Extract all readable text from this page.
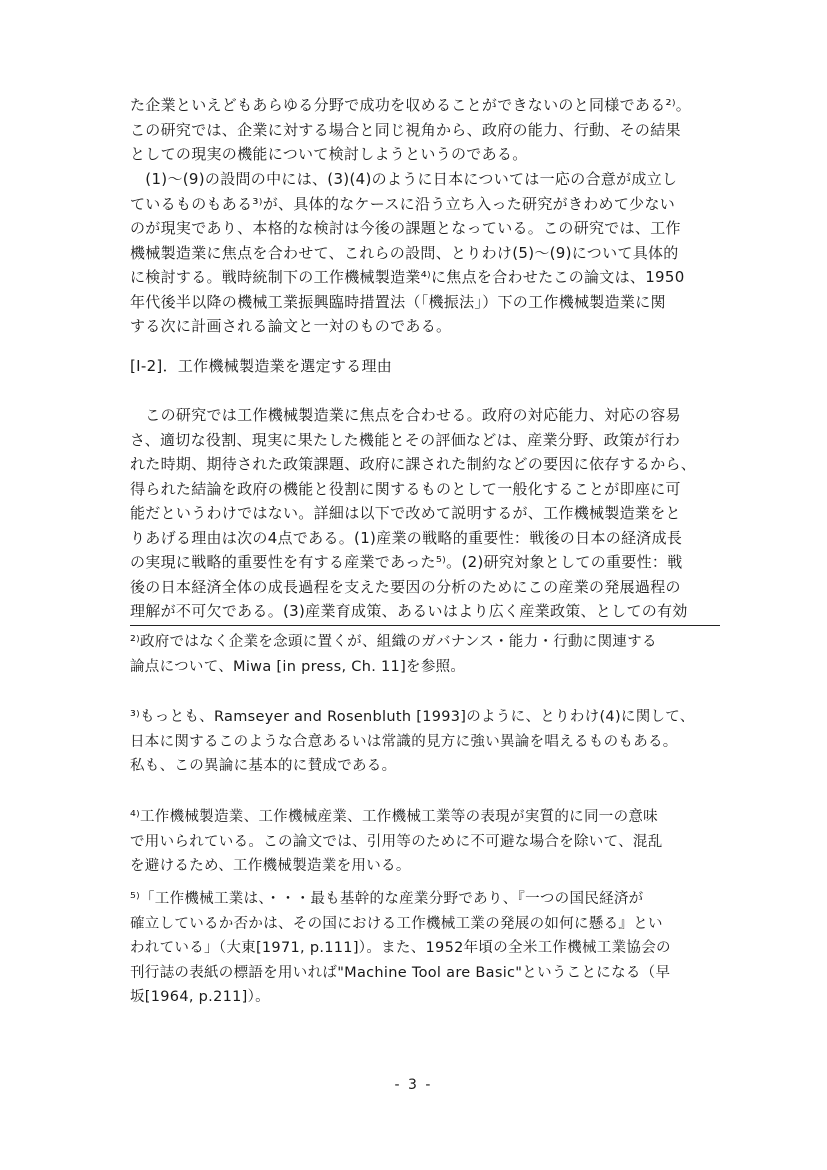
た企業といえどもあらゆる分野で成功を収めることができないのと同様である²⁾。
この研究では、企業に対する場合と同じ視角から、政府の能力、行動、その結果
としての現実の機能について検討しようというのである。
　(1)～(9)の設問の中には、(3)(4)のように日本については一応の合意が成立し
ているものもある³⁾が、具体的なケースに沿う立ち入った研究がきわめて少ない
のが現実であり、本格的な検討は今後の課題となっている。この研究では、工作
機械製造業に焦点を合わせて、これらの設問、とりわけ(5)～(9)について具体的
に検討する。戦時統制下の工作機械製造業⁴⁾に焦点を合わせたこの論文は、1950
年代後半以降の機械工業振興臨時措置法（「機振法」）下の工作機械製造業に関
する次に計画される論文と一対のものである。
[I-2]．工作機械製造業を選定する理由
　この研究では工作機械製造業に焦点を合わせる。政府の対応能力、対応の容易
さ、適切な役割、現実に果たした機能とその評価などは、産業分野、政策が行わ
れた時期、期待された政策課題、政府に課された制約などの要因に依存するから、
得られた結論を政府の機能と役割に関するものとして一般化することが即座に可
能だというわけではない。詳細は以下で改めて説明するが、工作機械製造業をと
りあげる理由は次の4点である。(1)産業の戦略的重要性：戦後の日本の経済成長
の実現に戦略的重要性を有する産業であった⁵⁾。(2)研究対象としての重要性：戦
後の日本経済全体の成長過程を支えた要因の分析のためにこの産業の発展過程の
理解が不可欠である。(3)産業育成策、あるいはより広く産業政策、としての有効
²⁾政府ではなく企業を念頭に置くが、組織のガバナンス・能力・行動に関連する
論点について、Miwa [in press, Ch. 11]を参照。
³⁾もっとも、Ramseyer and Rosenbluth [1993]のように、とりわけ(4)に関して、
日本に関するこのような合意あるいは常識的見方に強い異論を唱えるものもある。
私も、この異論に基本的に賛成である。
⁴⁾工作機械製造業、工作機械産業、工作機械工業等の表現が実質的に同一の意味
で用いられている。この論文では、引用等のために不可避な場合を除いて、混乱
を避けるため、工作機械製造業を用いる。
⁵⁾「工作機械工業は、・・・最も基幹的な産業分野であり、『一つの国民経済が
確立しているか否かは、その国における工作機械工業の発展の如何に懸る』とい
われている」（大東[1971, p.111]）。また、1952年頃の全米工作機械工業協会の
刊行誌の表紙の標語を用いれば"Machine Tool are Basic"ということになる（早
坂[1964, p.211]）。
- 3 -
